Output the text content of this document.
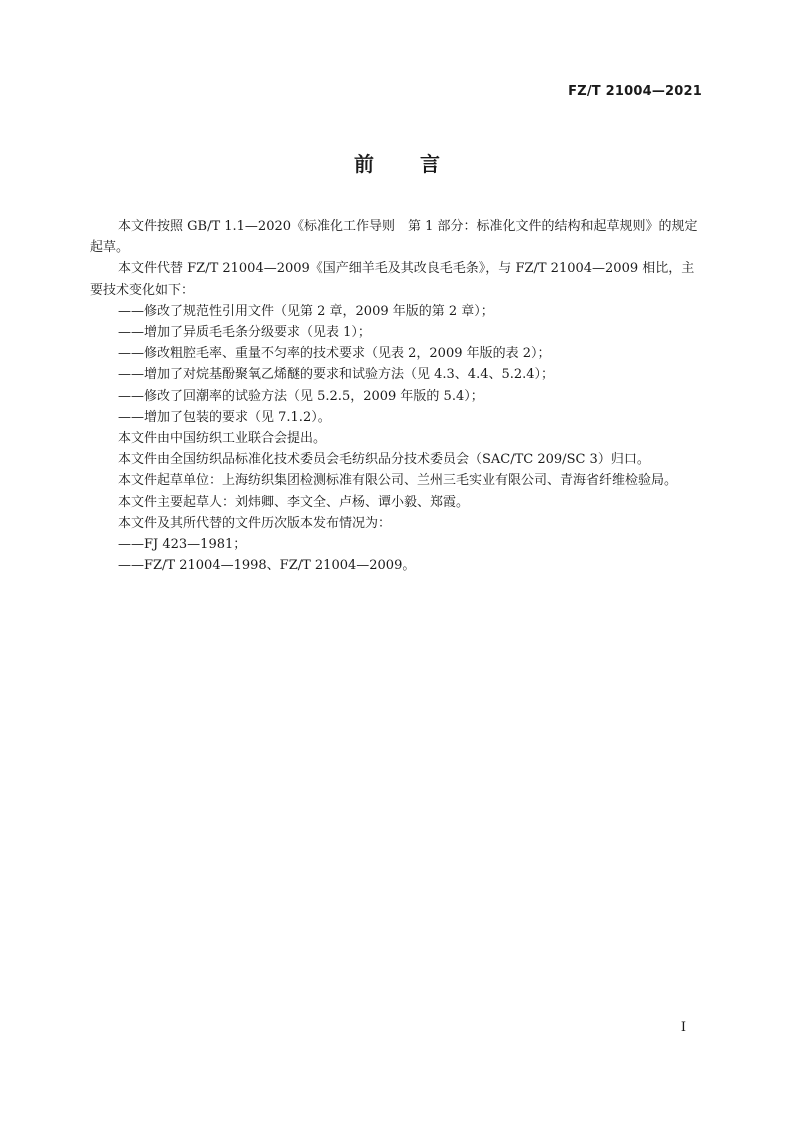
FZ/T 21004—2021
前 言

本文件按照 GB/T 1.1—2020《标准化工作导则　第 1 部分：标准化文件的结构和起草规则》的规定起草。

本文件代替 FZ/T 21004—2009《国产细羊毛及其改良毛毛条》，与 FZ/T 21004—2009 相比，主要技术变化如下：

——修改了规范性引用文件（见第 2 章，2009 年版的第 2 章）；

——增加了异质毛毛条分级要求（见表 1）；

——修改粗腔毛率、重量不匀率的技术要求（见表 2，2009 年版的表 2）；

——增加了对烷基酚聚氧乙烯醚的要求和试验方法（见 4.3、4.4、5.2.4）；

——修改了回潮率的试验方法（见 5.2.5，2009 年版的 5.4）；

——增加了包装的要求（见 7.1.2）。

本文件由中国纺织工业联合会提出。

本文件由全国纺织品标准化技术委员会毛纺织品分技术委员会（SAC/TC 209/SC 3）归口。

本文件起草单位：上海纺织集团检测标准有限公司、兰州三毛实业有限公司、青海省纤维检验局。

本文件主要起草人：刘炜卿、李文全、卢杨、谭小毅、郑霞。

本文件及其所代替的文件历次版本发布情况为：

——FJ 423—1981；

——FZ/T 21004—1998、FZ/T 21004—2009。

I
